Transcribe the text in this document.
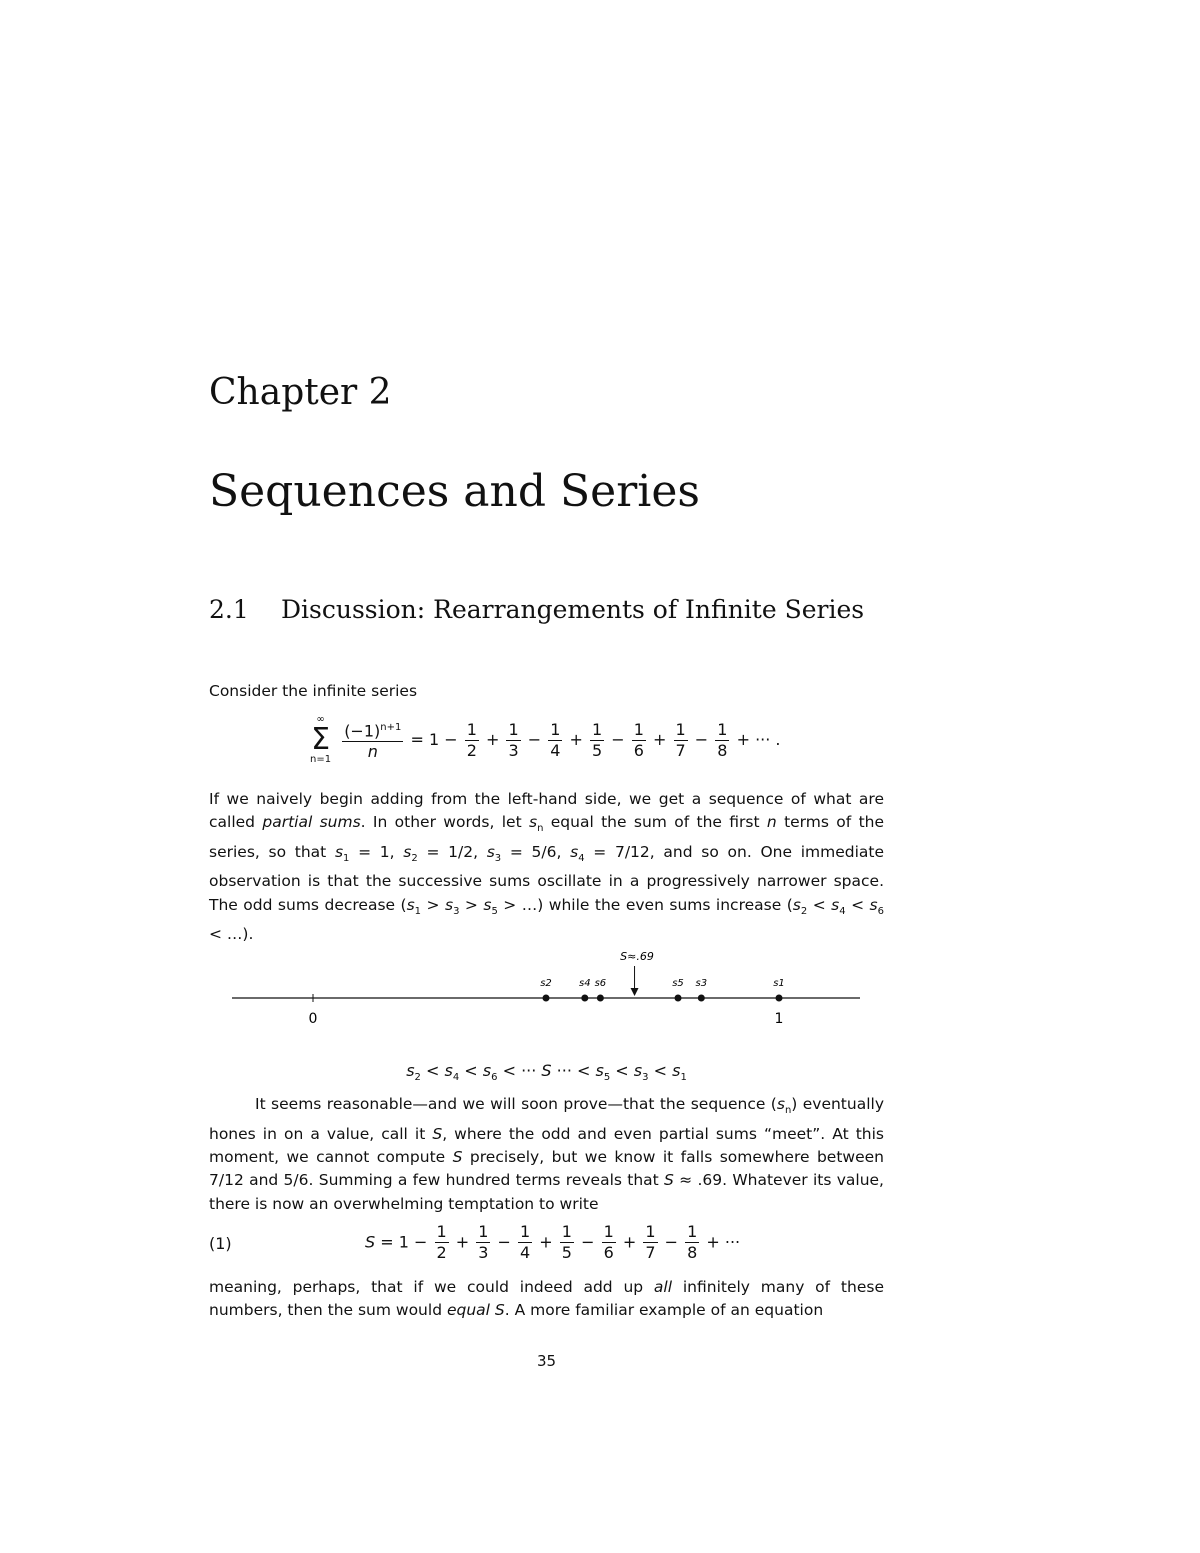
Chapter 2
Sequences and Series
2.1 Discussion: Rearrangements of Infinite Series
Consider the infinite series
∞
Σ
n=1
$\frac{(-1)^{n+1}}{n} = 1 - \frac{1}{2} + \frac{1}{3} - \frac{1}{4} + \frac{1}{5} - \frac{1}{6} + \frac{1}{7} - \frac{1}{8}$ + ··· .
If we naively begin adding from the left-hand side, we get a sequence of what are called partial sums. In other words, let $s_n$ equal the sum of the first n terms of the series, so that $s_1 = 1$, $s_2 = 1/2$, $s_3 = 5/6$, $s_4 = 7/12$, and so on. One immediate observation is that the successive sums oscillate in a progressively narrower space. The odd sums decrease ($s_1 > s_3 > s_5$ > …) while the even sums increase ($s_2 < s_4 < s_6$ < …).
0	1
s2	s4 s6	s5 s3	s1
S≈.69
$s_2 < s_4 < s_6$ < ··· S ··· < $s_5 < s_3 < s_1$
It seems reasonable—and we will soon prove—that the sequence $(s_n)$ eventually hones in on a value, call it S, where the odd and even partial sums “meet”. At this moment, we cannot compute S precisely, but we know it falls somewhere between 7/12 and 5/6. Summing a few hundred terms reveals that S ≈ .69. Whatever its value, there is now an overwhelming temptation to write
(1)	$S = 1 - \frac{1}{2} + \frac{1}{3} - \frac{1}{4} + \frac{1}{5} - \frac{1}{6} + \frac{1}{7} - \frac{1}{8}$ + ···
meaning, perhaps, that if we could indeed add up all infinitely many of these numbers, then the sum would equal S. A more familiar example of an equation
35
